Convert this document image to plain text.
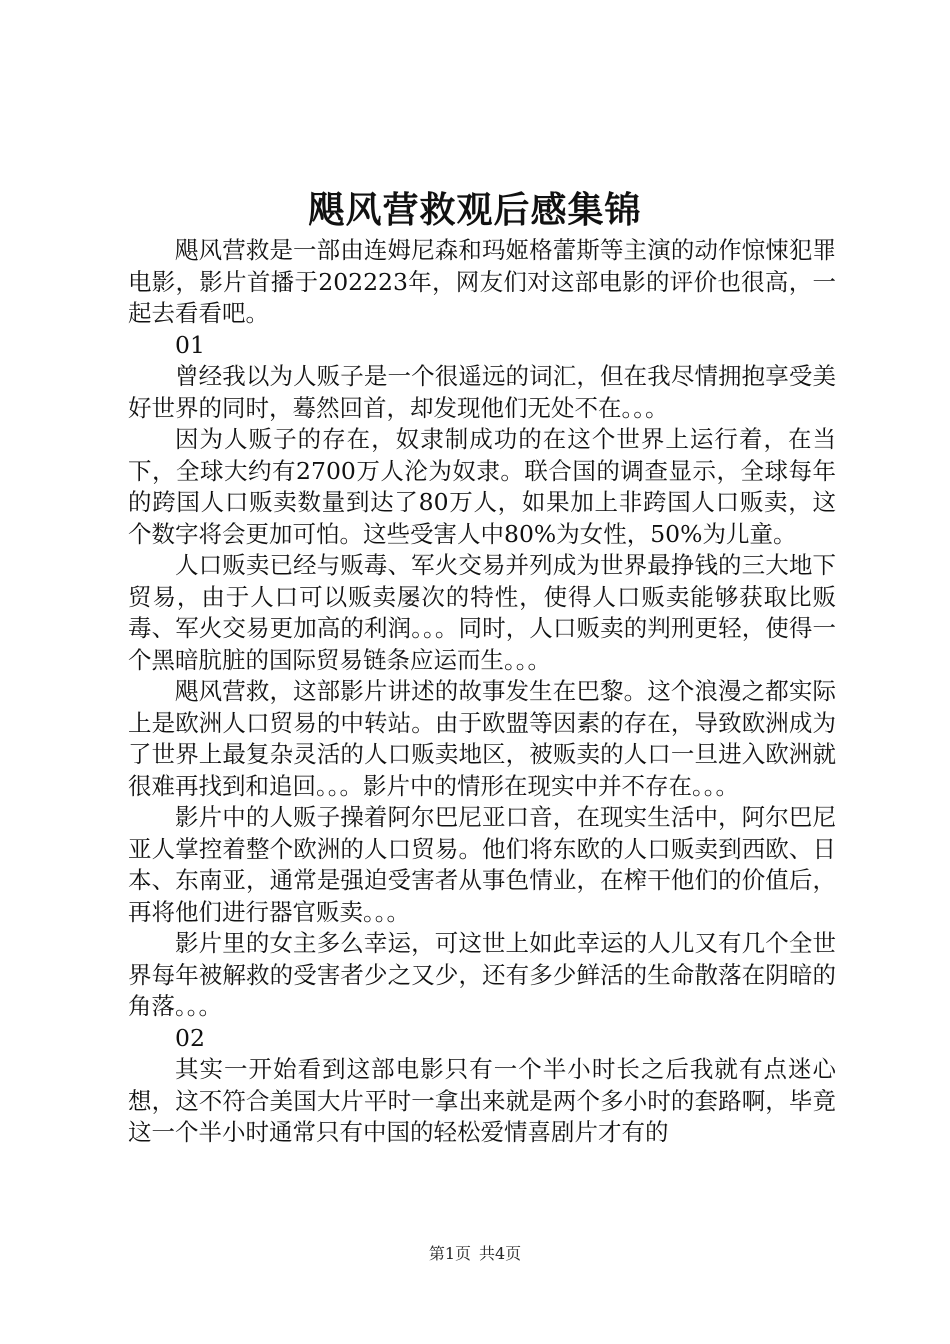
飓风营救观后感集锦

飓风营救是一部由连姆尼森和玛姬格蕾斯等主演的动作惊悚犯罪电影，影片首播于202223年，网友们对这部电影的评价也很高，一起去看看吧。

01

曾经我以为人贩子是一个很遥远的词汇，但在我尽情拥抱享受美好世界的同时，蓦然回首，却发现他们无处不在。。。

因为人贩子的存在，奴隶制成功的在这个世界上运行着，在当下，全球大约有2700万人沦为奴隶。联合国的调查显示，全球每年的跨国人口贩卖数量到达了80万人，如果加上非跨国人口贩卖，这个数字将会更加可怕。这些受害人中80%为女性，50%为儿童。

人口贩卖已经与贩毒、军火交易并列成为世界最挣钱的三大地下贸易，由于人口可以贩卖屡次的特性，使得人口贩卖能够获取比贩毒、军火交易更加高的利润。。。同时，人口贩卖的判刑更轻，使得一个黑暗肮脏的国际贸易链条应运而生。。。

飓风营救，这部影片讲述的故事发生在巴黎。这个浪漫之都实际上是欧洲人口贸易的中转站。由于欧盟等因素的存在，导致欧洲成为了世界上最复杂灵活的人口贩卖地区，被贩卖的人口一旦进入欧洲就很难再找到和追回。。。影片中的情形在现实中并不存在。。。

影片中的人贩子操着阿尔巴尼亚口音，在现实生活中，阿尔巴尼亚人掌控着整个欧洲的人口贸易。他们将东欧的人口贩卖到西欧、日本、东南亚，通常是强迫受害者从事色情业，在榨干他们的价值后，再将他们进行器官贩卖。。。

影片里的女主多么幸运，可这世上如此幸运的人儿又有几个全世界每年被解救的受害者少之又少，还有多少鲜活的生命散落在阴暗的角落。。。

02

其实一开始看到这部电影只有一个半小时长之后我就有点迷心想，这不符合美国大片平时一拿出来就是两个多小时的套路啊，毕竟这一个半小时通常只有中国的轻松爱情喜剧片才有的

第1页 共4页
